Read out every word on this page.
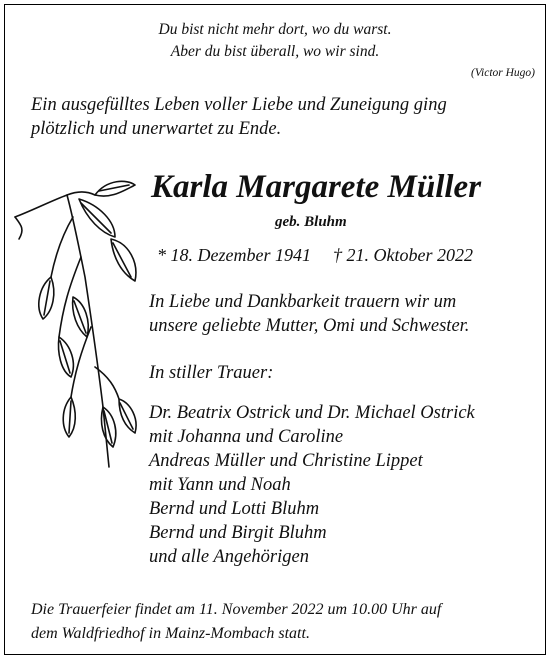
Du bist nicht mehr dort, wo du warst.
Aber du bist überall, wo wir sind.
(Victor Hugo)
Ein ausgefülltes Leben voller Liebe und Zuneigung ging
plötzlich und unerwartet zu Ende.
Karla Margarete Müller
geb. Bluhm
* 18. Dezember 1941 † 21. Oktober 2022
In Liebe und Dankbarkeit trauern wir um
unsere geliebte Mutter, Omi und Schwester.
In stiller Trauer:
Dr. Beatrix Ostrick und Dr. Michael Ostrick
mit Johanna und Caroline
Andreas Müller und Christine Lippet
mit Yann und Noah
Bernd und Lotti Bluhm
Bernd und Birgit Bluhm
und alle Angehörigen
Die Trauerfeier findet am 11. November 2022 um 10.00 Uhr auf
dem Waldfriedhof in Mainz-Mombach statt.
